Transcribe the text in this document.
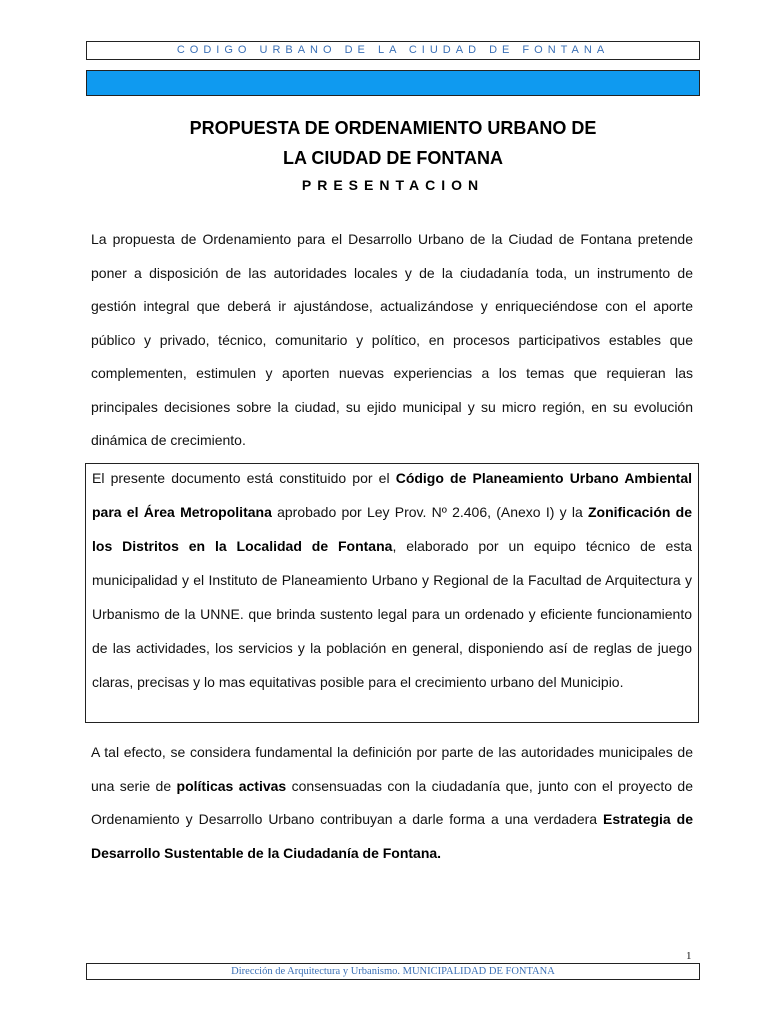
CODIGO URBANO DE LA CIUDAD DE FONTANA
PROPUESTA DE ORDENAMIENTO URBANO DE
LA CIUDAD DE FONTANA
PRESENTACION
La propuesta de Ordenamiento para el Desarrollo Urbano de la Ciudad de Fontana pretende poner a disposición de las autoridades locales y de la ciudadanía toda, un instrumento de gestión integral que deberá ir ajustándose, actualizándose y enriqueciéndose con el aporte público y privado, técnico, comunitario y político, en procesos participativos estables que complementen, estimulen y aporten nuevas experiencias a los temas que requieran las principales decisiones sobre la ciudad, su ejido municipal y su micro región, en su evolución dinámica de crecimiento.
El presente documento está constituido por el Código de Planeamiento Urbano Ambiental para el Área Metropolitana aprobado por Ley Prov. Nº 2.406, (Anexo I) y la Zonificación de los Distritos en la Localidad de Fontana, elaborado por un equipo técnico de esta municipalidad y el Instituto de Planeamiento Urbano y Regional de la Facultad de Arquitectura y Urbanismo de la UNNE. que brinda sustento legal para un ordenado y eficiente funcionamiento de las actividades, los servicios y la población en general, disponiendo así de reglas de juego claras, precisas y lo mas equitativas posible para el crecimiento urbano del Municipio.
A tal efecto, se considera fundamental la definición por parte de las autoridades municipales de una serie de políticas activas consensuadas con la ciudadanía que, junto con el proyecto de Ordenamiento y Desarrollo Urbano contribuyan a darle forma a una verdadera Estrategia de Desarrollo Sustentable de la Ciudadanía de Fontana.
1
Dirección de Arquitectura y Urbanismo. MUNICIPALIDAD DE FONTANA
